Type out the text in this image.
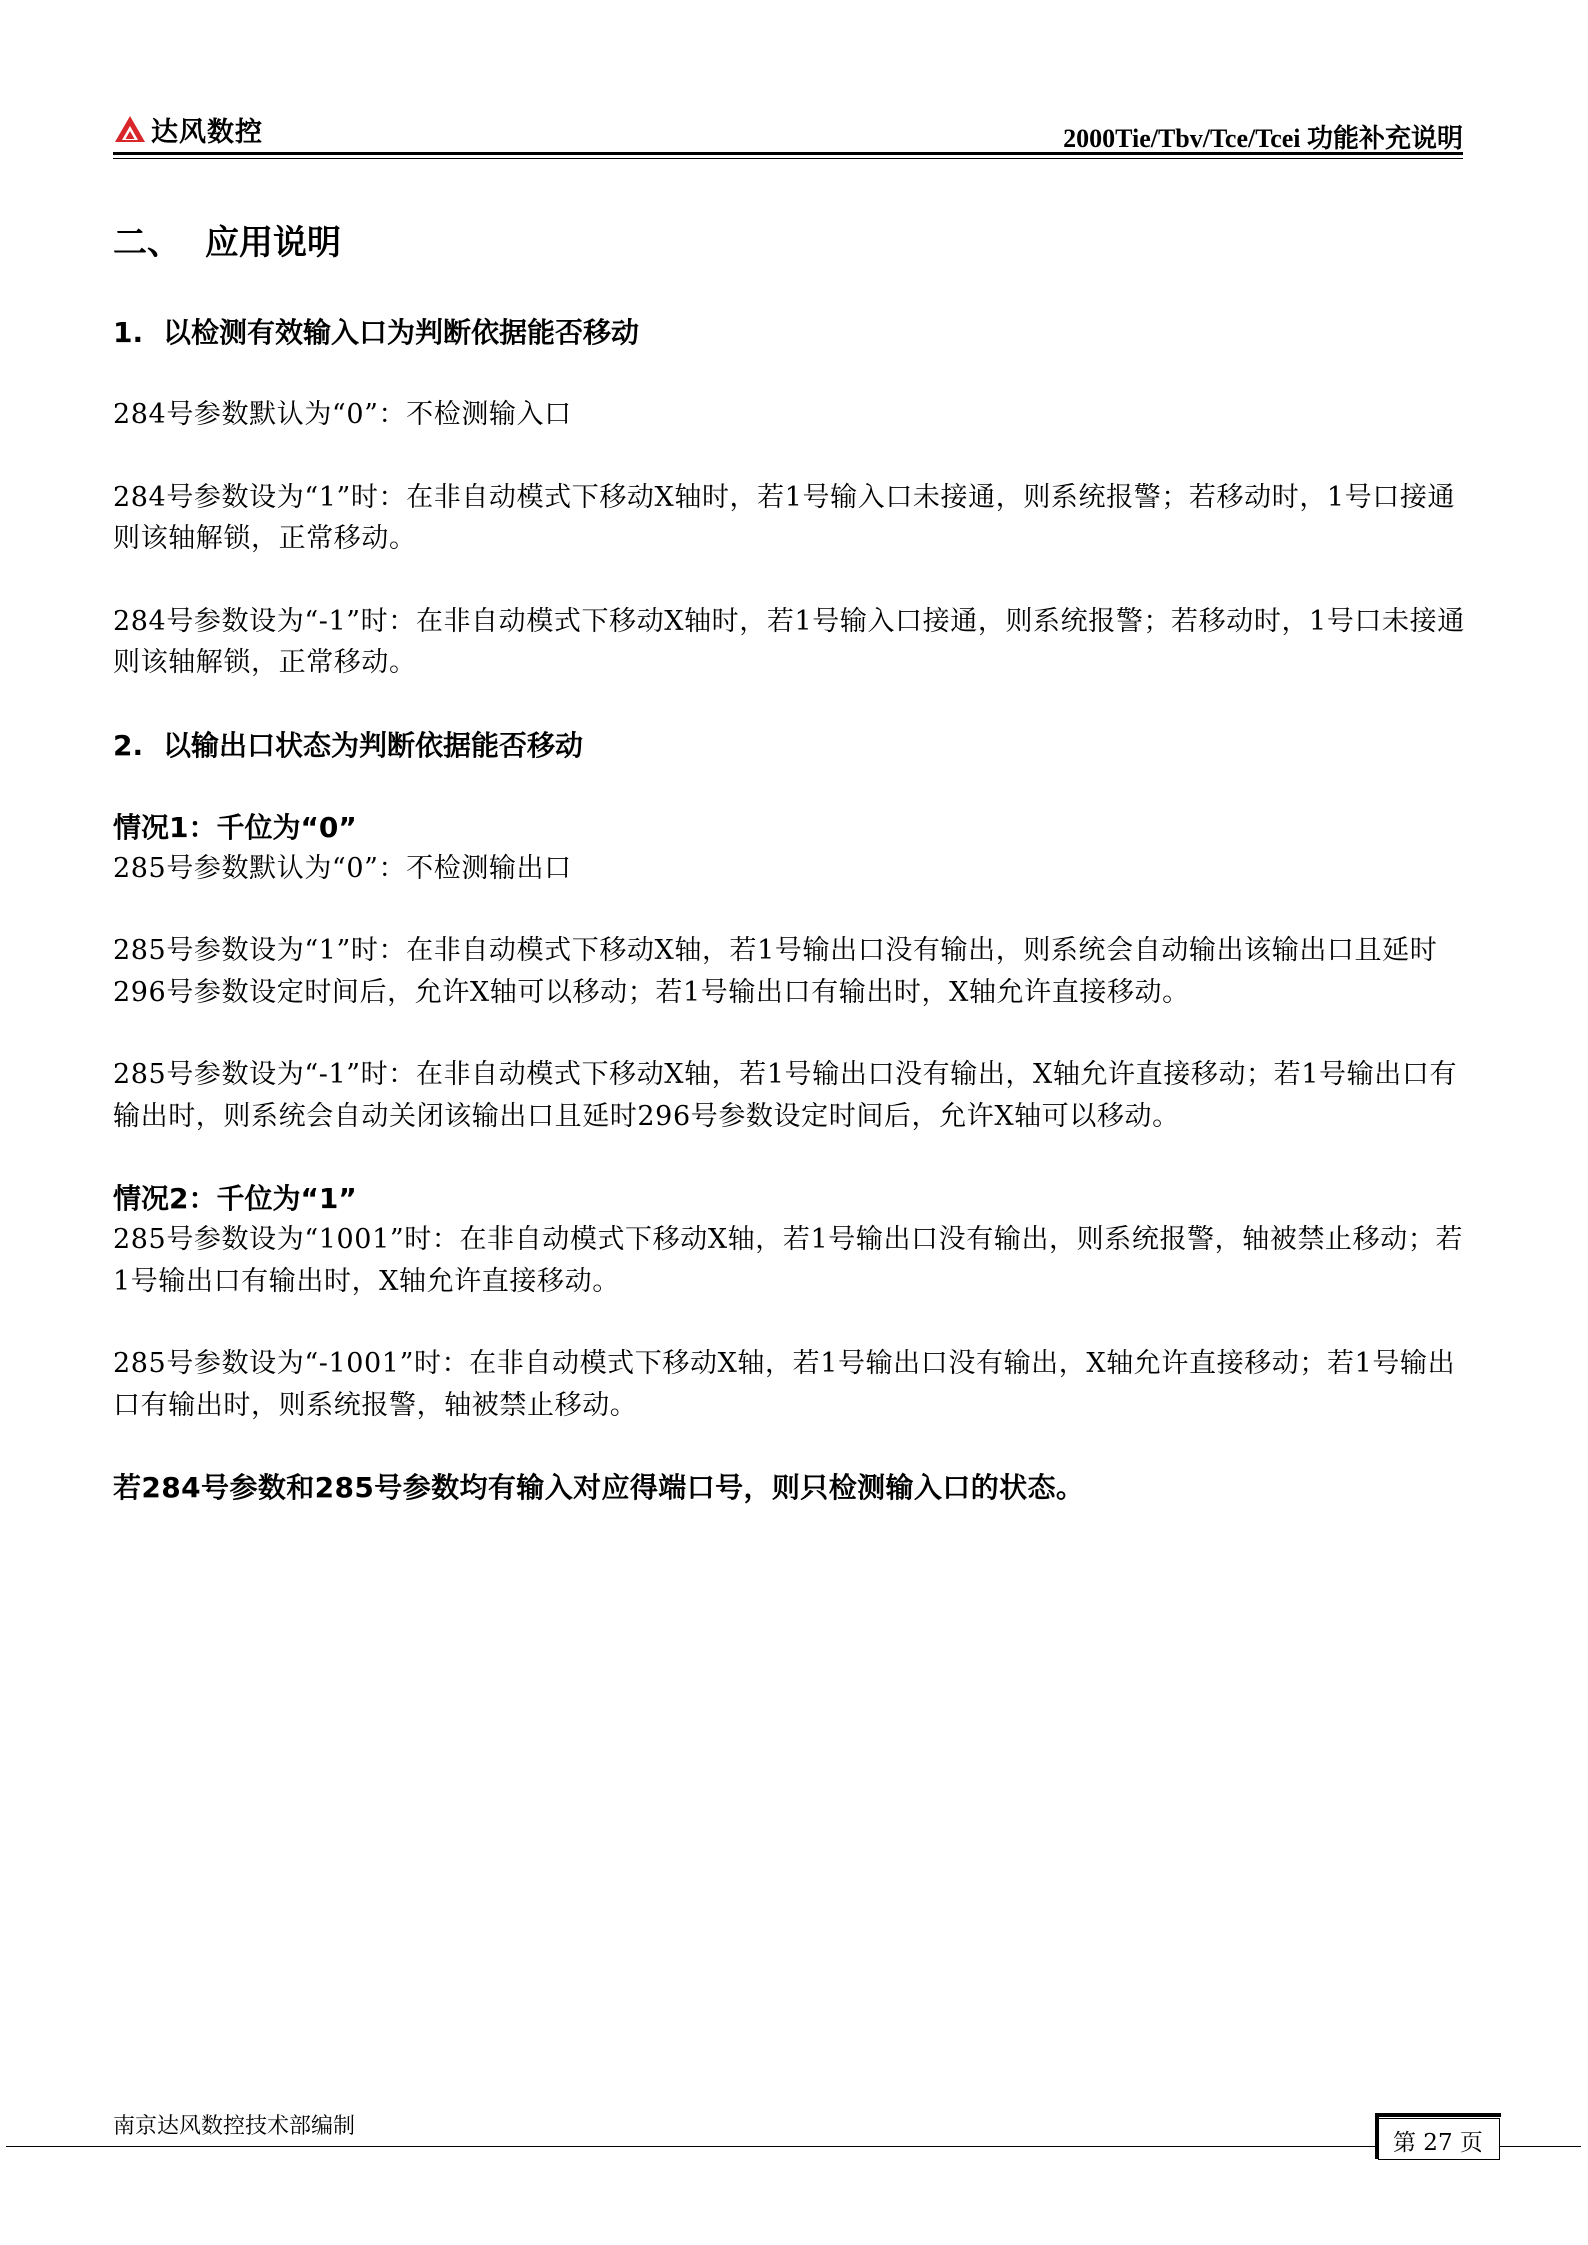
达风数控	2000Tie/Tbv/Tce/Tcei 功能补充说明
二、 应用说明
1. 以检测有效输入口为判断依据能否移动

284号参数默认为“0”：不检测输入口

284号参数设为“1”时：在非自动模式下移动X轴时，若1号输入口未接通，则系统报警；若移动时，1号口接通则该轴解锁，正常移动。

284号参数设为“-1”时：在非自动模式下移动X轴时，若1号输入口接通，则系统报警；若移动时，1号口未接通则该轴解锁，正常移动。

2. 以输出口状态为判断依据能否移动
情况1：千位为“0”

285号参数默认为“0”：不检测输出口

285号参数设为“1”时：在非自动模式下移动X轴，若1号输出口没有输出，则系统会自动输出该输出口且延时296号参数设定时间后，允许X轴可以移动；若1号输出口有输出时，X轴允许直接移动。

285号参数设为“-1”时：在非自动模式下移动X轴，若1号输出口没有输出，X轴允许直接移动；若1号输出口有输出时，则系统会自动关闭该输出口且延时296号参数设定时间后，允许X轴可以移动。

情况2：千位为“1”

285号参数设为“1001”时：在非自动模式下移动X轴，若1号输出口没有输出，则系统报警，轴被禁止移动；若1号输出口有输出时，X轴允许直接移动。

285号参数设为“-1001”时：在非自动模式下移动X轴，若1号输出口没有输出，X轴允许直接移动；若1号输出口有输出时，则系统报警，轴被禁止移动。

若284号参数和285号参数均有输入对应得端口号，则只检测输入口的状态。

南京达风数控技术部编制
第 27 页
